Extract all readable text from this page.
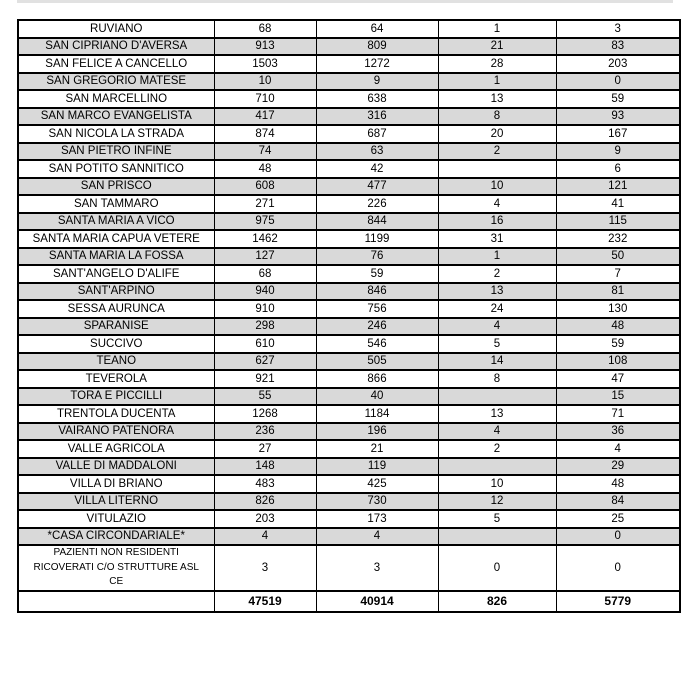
RUVIANO	68	64	1	3
SAN CIPRIANO D'AVERSA	913	809	21	83
SAN FELICE A CANCELLO	1503	1272	28	203
SAN GREGORIO MATESE	10	9	1	0
SAN MARCELLINO	710	638	13	59
SAN MARCO EVANGELISTA	417	316	8	93
SAN NICOLA LA STRADA	874	687	20	167
SAN PIETRO INFINE	74	63	2	9
SAN POTITO SANNITICO	48	42		6
SAN PRISCO	608	477	10	121
SAN TAMMARO	271	226	4	41
SANTA MARIA A VICO	975	844	16	115
SANTA MARIA CAPUA VETERE	1462	1199	31	232
SANTA MARIA LA FOSSA	127	76	1	50
SANT'ANGELO D'ALIFE	68	59	2	7
SANT'ARPINO	940	846	13	81
SESSA AURUNCA	910	756	24	130
SPARANISE	298	246	4	48
SUCCIVO	610	546	5	59
TEANO	627	505	14	108
TEVEROLA	921	866	8	47
TORA E PICCILLI	55	40		15
TRENTOLA DUCENTA	1268	1184	13	71
VAIRANO PATENORA	236	196	4	36
VALLE AGRICOLA	27	21	2	4
VALLE DI MADDALONI	148	119		29
VILLA DI BRIANO	483	425	10	48
VILLA LITERNO	826	730	12	84
VITULAZIO	203	173	5	25
*CASA CIRCONDARIALE*	4	4		0
PAZIENTI NON RESIDENTI
RICOVERATI C/O STRUTTURE ASL
CE	3	3	0	0
	47519	40914	826	5779
